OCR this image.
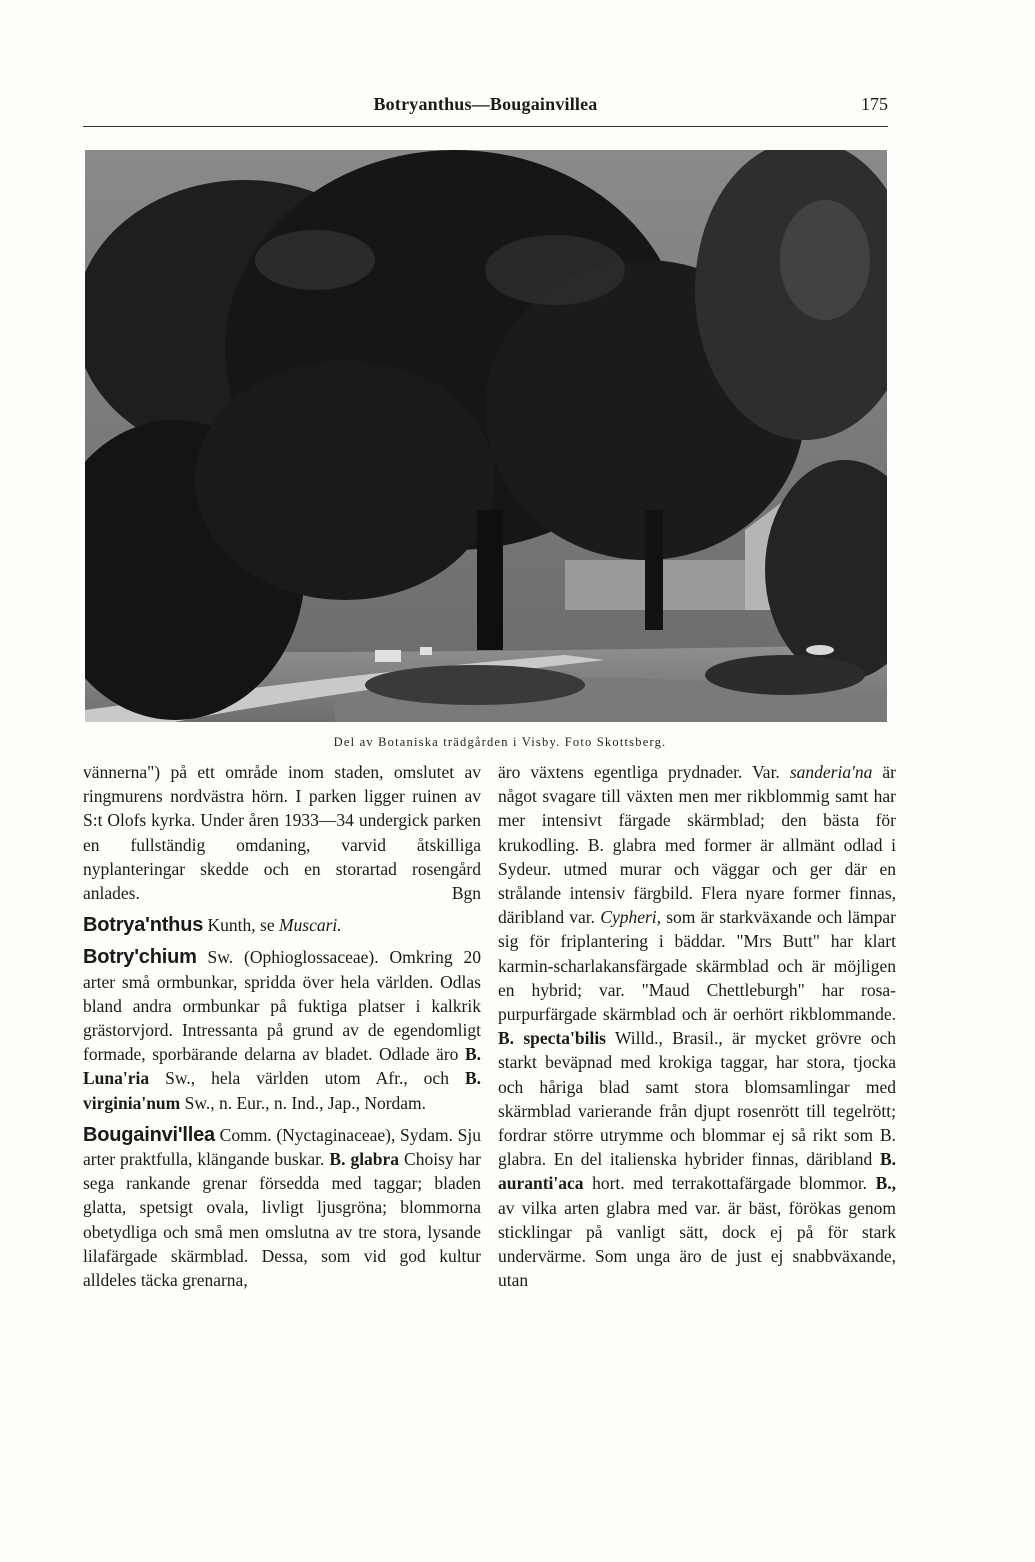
Botryanthus—Bougainvillea	175
Del av Botaniska trädgården i Visby. Foto Skottsberg.

vännerna") på ett område inom staden, omslutet av ringmurens nordvästra hörn. I parken ligger ruinen av S:t Olofs kyrka. Under åren 1933—34 undergick parken en fullständig omdaning, varvid åtskilliga nyplanteringar skedde och en storartad rosengård anlades.	Bgn

Botrya'nthus Kunth, se Muscari.

Botry'chium Sw. (Ophioglossaceae). Omkring 20 arter små ormbunkar, spridda över hela världen. Odlas bland andra ormbunkar på fuktiga platser i kalkrik grästorvjord. Intressanta på grund av de egendomligt formade, sporbärande delarna av bladet. Odlade äro B. Luna'ria Sw., hela världen utom Afr., och B. virginia'num Sw., n. Eur., n. Ind., Jap., Nordam.

Bougainvi'llea Comm. (Nyctaginaceae), Sydam. Sju arter praktfulla, klängande buskar. B. glabra Choisy har sega rankande grenar försedda med taggar; bladen glatta, spetsigt ovala, livligt ljusgröna; blommorna obetydliga och små men omslutna av tre stora, lysande lilafärgade skärmblad. Dessa, som vid god kultur alldeles täcka grenarna,

äro växtens egentliga prydnader. Var. sanderia'na är något svagare till växten men mer rikblommig samt har mer intensivt färgade skärmblad; den bästa för krukodling. B. glabra med former är allmänt odlad i Sydeur. utmed murar och väggar och ger där en strålande intensiv färgbild. Flera nyare former finnas, däribland var. Cypheri, som är starkväxande och lämpar sig för friplantering i bäddar. "Mrs Butt" har klart karmin-scharlakansfärgade skärmblad och är möjligen en hybrid; var. "Maud Chettleburgh" har rosa-purpurfärgade skärmblad och är oerhört rikblommande. B. specta'bilis Willd., Brasil., är mycket grövre och starkt beväpnad med krokiga taggar, har stora, tjocka och håriga blad samt stora blomsamlingar med skärmblad varierande från djupt rosenrött till tegelrött; fordrar större utrymme och blommar ej så rikt som B. glabra. En del italienska hybrider finnas, däribland B. auranti'aca hort. med terrakottafärgade blommor. B., av vilka arten glabra med var. är bäst, förökas genom sticklingar på vanligt sätt, dock ej på för stark undervärme. Som unga äro de just ej snabbväxande, utan
